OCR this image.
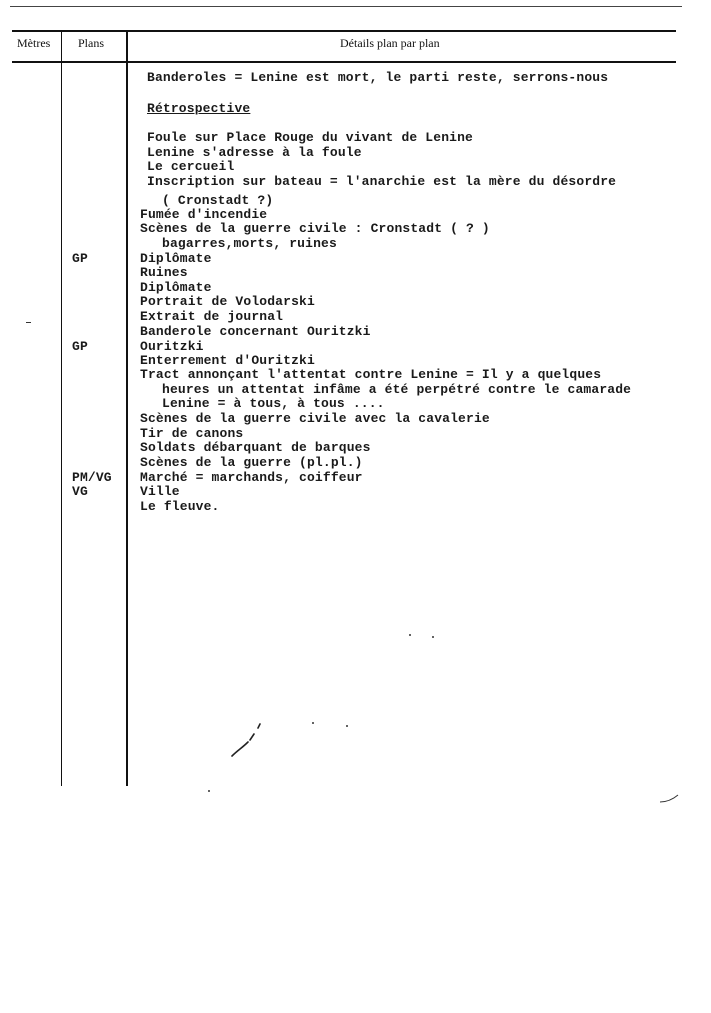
Mètres Plans	Détails plan par plan
GP
GP
PM/VG
VG
Banderoles = Lenine est mort, le parti reste, serrons-nous
Rétrospective
Foule sur Place Rouge du vivant de Lenine
Lenine s'adresse à la foule
Le cercueil
Inscription sur bateau = l'anarchie est la mère du désordre
( Cronstadt ?)
Fumée d'incendie
Scènes de la guerre civile : Cronstadt ( ? )
bagarres,morts, ruines
Diplômate
Ruines
Diplômate
Portrait de Volodarski
Extrait de journal
Banderole concernant Ouritzki
Ouritzki
Enterrement d'Ouritzki
Tract annonçant l'attentat contre Lenine = Il y a quelques
heures un attentat infâme a été perpétré contre le camarade
Lenine = à tous, à tous ....
Scènes de la guerre civile avec la cavalerie
Tir de canons
Soldats débarquant de barques
Scènes de la guerre (pl.pl.)
Marché = marchands, coiffeur
Ville
Le fleuve.
